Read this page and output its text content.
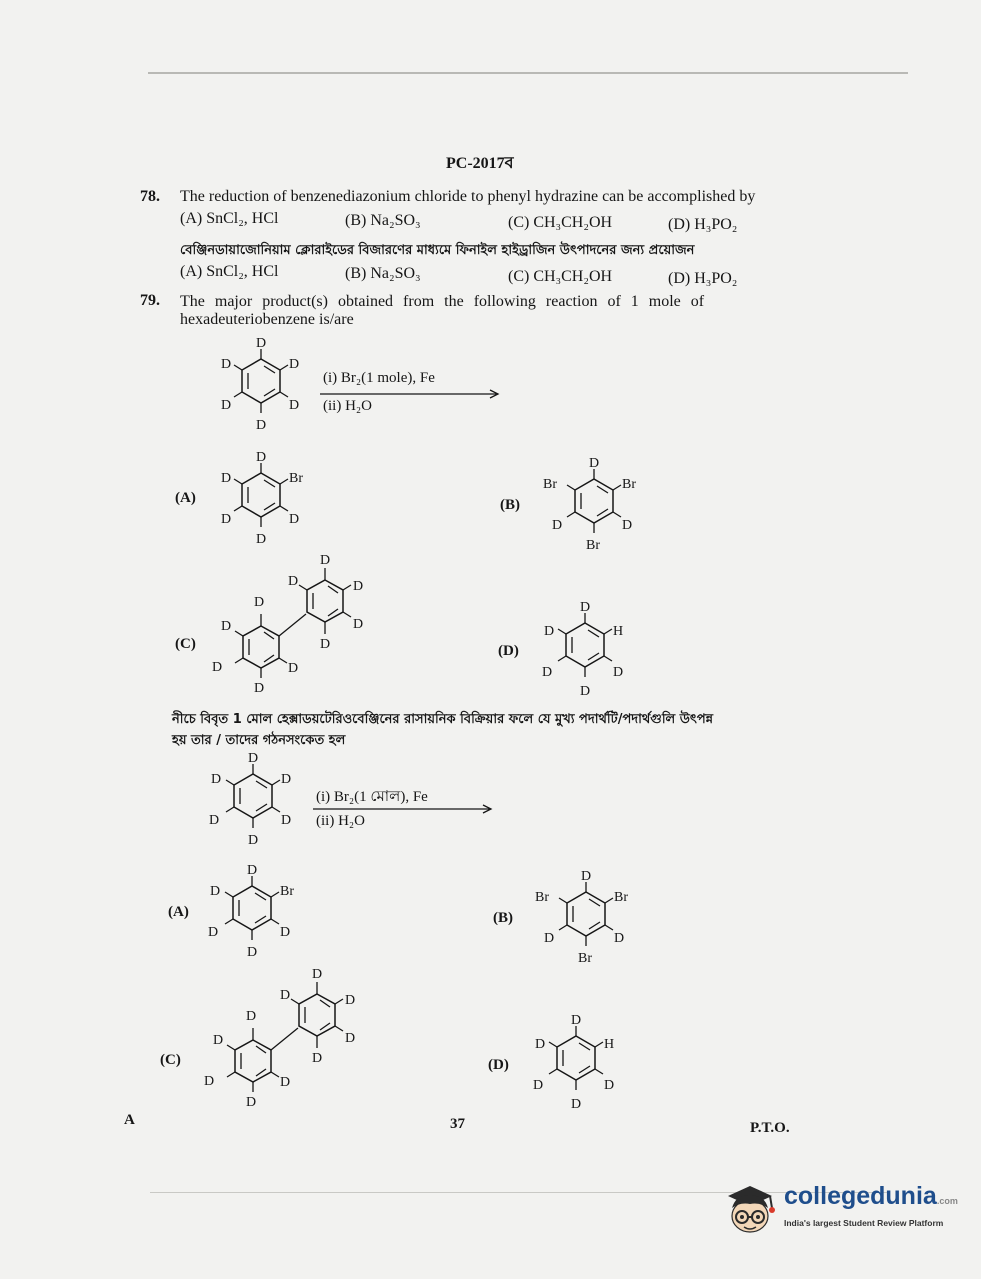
PC-2017ব
78. The reduction of benzenediazonium chloride to phenyl hydrazine can be accomplished by
(A) SnCl₂, HCl	(B) Na₂SO₃	(C) CH₃CH₂OH	(D) H₃PO₂
বেঞ্জিনডায়াজোনিয়াম ক্লোরাইডের বিজারণের মাধ্যমে ফিনাইল হাইড্রাজিন উৎপাদনের জন্য প্রয়োজন
(A) SnCl₂, HCl	(B) Na₂SO₃	(C) CH₃CH₂OH	(D) H₃PO₂
79. The major product(s) obtained from the following reaction of 1 mole of
hexadeuteriobenzene is/are
D
D
D
D
D
D
(i) Br₂(1 mole), Fe
(ii) H₂O
(A)
D
Br
D
D
D
D
(B)
D
Br
Br
D
D
Br
(C)
D
D	D
D
D
D
D
D	D
D
(D)
D
H
D
D
D
D
নীচে বিবৃত 1 মোল হেক্সাডয়টেরিওবেঞ্জিনের রাসায়নিক বিক্রিয়ার ফলে যে মুখ্য পদার্থটি/পদার্থগুলি উৎপন্ন
হয় তার / তাদের গঠনসংকেত হল
D
D
D
D
D
D
(i) Br₂(1 মোল), Fe
(ii) H₂O
(A)
D
Br
D
D
D
D
(B)
D
Br
Br
D
D
Br
(C)
D
D	D
D
D
D
D
D	D
D
(D)
D
H
D
D
D
D
A	37	P.T.O.
collegedunia.com
India's largest Student Review Platform
